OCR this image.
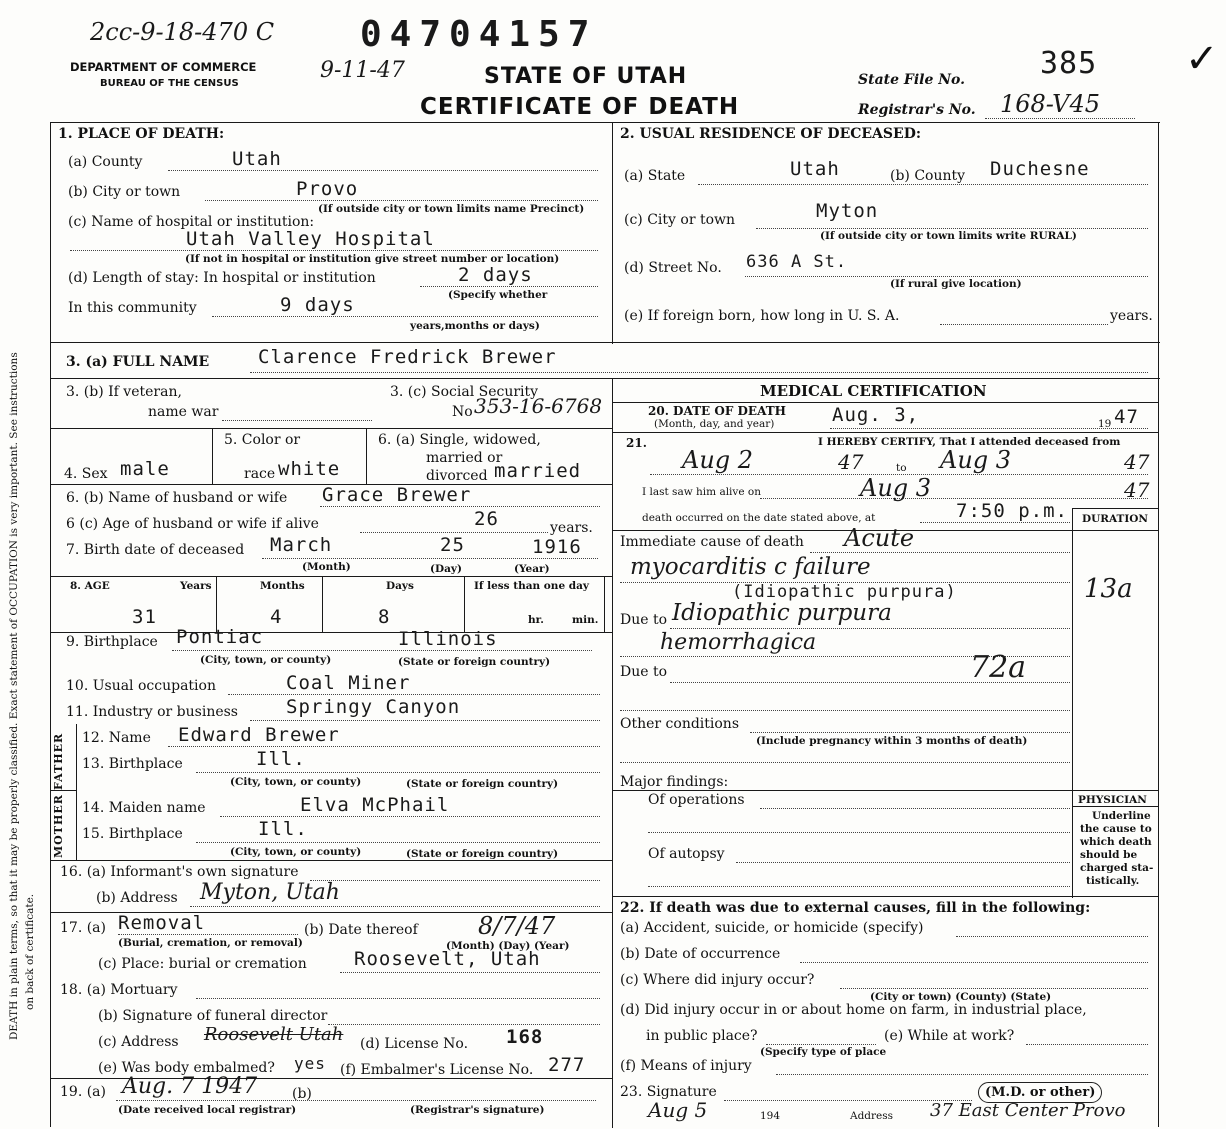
DEATH in plain terms, so that it may be properly classified. Exact statement of OCCUPATION is very important. See instructions on back of certificate.
2cc-9-18-470 C 04704157
9-11-47
DEPARTMENT OF COMMERCE
BUREAU OF THE CENSUS	STATE OF UTAH
CERTIFICATE OF DEATH
State File No. 385 ✓
Registrar's No. 168-V45
1. PLACE OF DEATH:
(a) County	Utah
(b) City or town	Provo
(If outside city or town limits name Precinct)
(c) Name of hospital or institution:
Utah Valley Hospital
(If not in hospital or institution give street number or location)
(d) Length of stay: In hospital or institution	2 days
(Specify whether
In this community	9 days
years,months or days)
2. USUAL RESIDENCE OF DECEASED:
(a) State	Utah	(b) County Duchesne
(c) City or town	Myton
(If outside city or town limits write RURAL)
(d) Street No. 636 A St.
(If rural give location)
(e) If foreign born, how long in U. S. A.	years.
3. (a) FULL NAME	Clarence Fredrick Brewer
3. (b) If veteran,
name war
3. (c) Social Security
No 353-16-6768
5. Color or	6. (a) Single, widowed,
married or
divorced
4. Sex male	race white	married
6. (b) Name of husband or wife Grace Brewer
6 (c) Age of husband or wife if alive	26	years.
7. Birth date of deceased March	25	1916
(Month)	(Day)	(Year)
8. AGE	Years	Months	Days	If less than one day
31	4	8	hr.	min.
9. Birthplace Pontiac	Illinois
(City, town, or county)	(State or foreign country)
10. Usual occupation	Coal Miner
11. Industry or business	Springy Canyon
FATHER
MOTHER
12. Name Edward Brewer
13. Birthplace	Ill.
(City, town, or county)	(State or foreign country)
14. Maiden name	Elva McPhail
15. Birthplace	Ill.
(City, town, or county)	(State or foreign country)
16. (a) Informant's own signature
(b) Address Myton, Utah
17. (a) Removal
(Burial, cremation, or removal)
(b) Date thereof	8/7/47
(Month) (Day) (Year)
(c) Place: burial or cremation Roosevelt, Utah
18. (a) Mortuary
(b) Signature of funeral director
(c) Address Roosevelt Utah (d) License No. 168
(e) Was body embalmed? yes (f) Embalmer's License No. 277
19. (a) Aug. 7 1947 (b)
(Date received local registrar)	(Registrar's signature)
MEDICAL CERTIFICATION
20. DATE OF DEATH
(Month, day, and year)	Aug. 3,	19 47
21.	I HEREBY CERTIFY, That I attended deceased from
Aug 2	47	to Aug 3	47
I last saw him alive on	Aug 3	47
death occurred on the date stated above, at	7:50 p.m. DURATION
Immediate cause of death Acute
myocarditis c failure
(Idiopathic purpura)	13a
Due to Idiopathic purpura
hemorrhagica
Due to	72a
Other conditions
(Include pregnancy within 3 months of death)
PHYSICIAN
Underline
the cause to
which death
should be
charged sta-
tistically.
Major findings:
Of operations
Of autopsy
22. If death was due to external causes, fill in the following:
(a) Accident, suicide, or homicide (specify)
(b) Date of occurrence
(c) Where did injury occur?
(City or town) (County) (State)
(d) Did injury occur in or about home on farm, in industrial place,
in public place?	(e) While at work?
(Specify type of place
(f) Means of injury
23. Signature	(M.D. or other)
Aug 5	194	Address 37 East Center Provo
